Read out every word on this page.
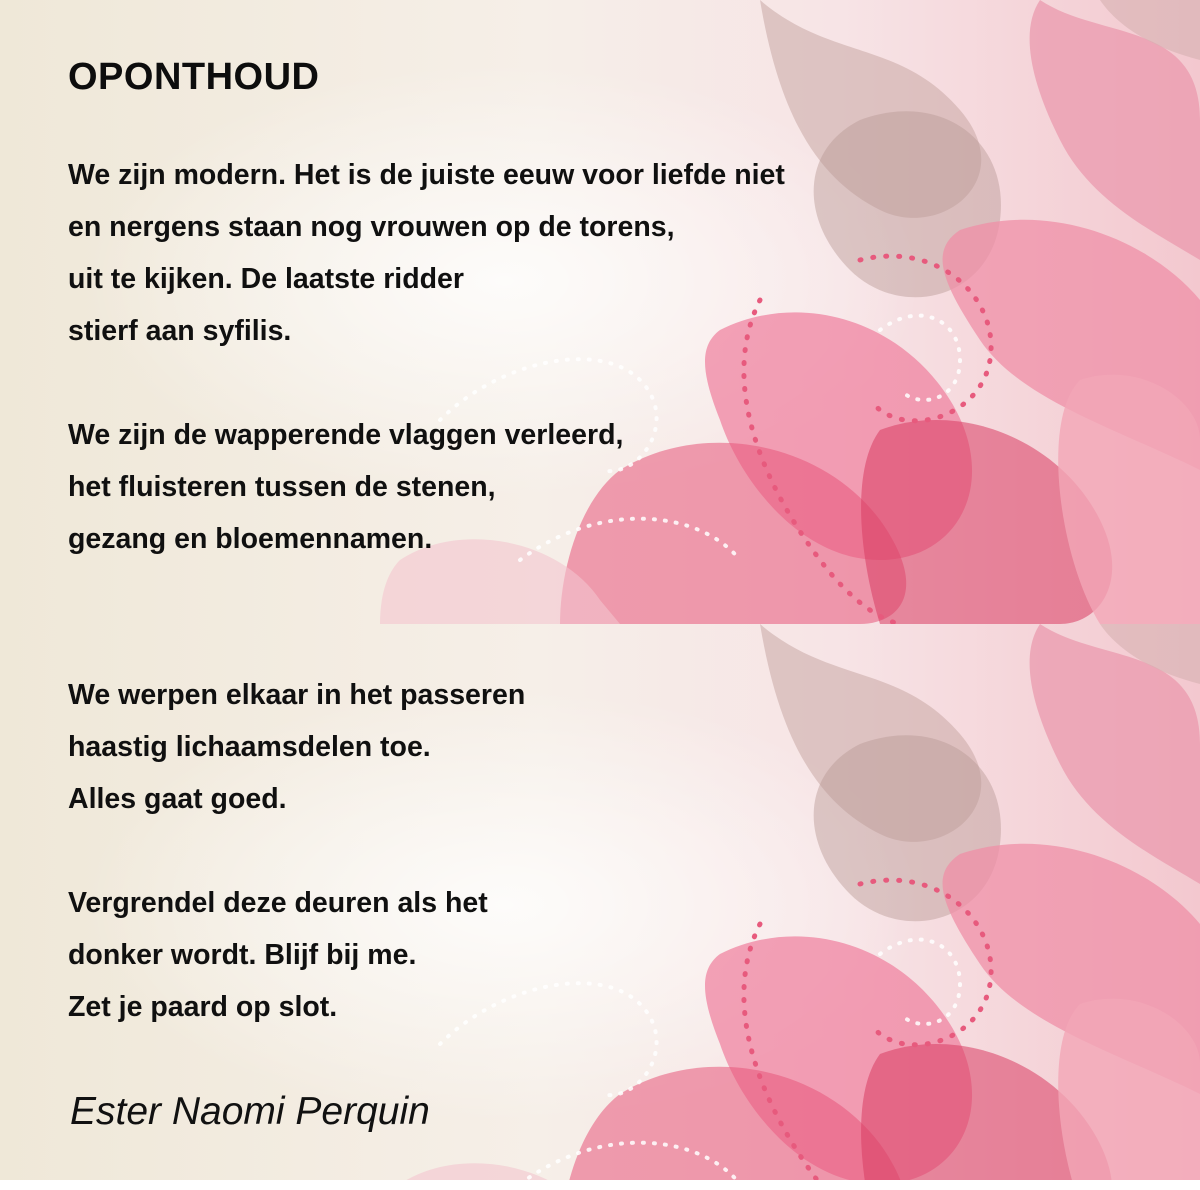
OPONTHOUD
We zijn modern. Het is de juiste eeuw voor liefde niet
en nergens staan nog vrouwen op de torens,
uit te kijken. De laatste ridder
stierf aan syfilis.
We zijn de wapperende vlaggen verleerd,
het fluisteren tussen de stenen,
gezang en bloemennamen.
We werpen elkaar in het passeren
haastig lichaamsdelen toe.
Alles gaat goed.
Vergrendel deze deuren als het
donker wordt. Blijf bij me.
Zet je paard op slot.

Ester Naomi Perquin
